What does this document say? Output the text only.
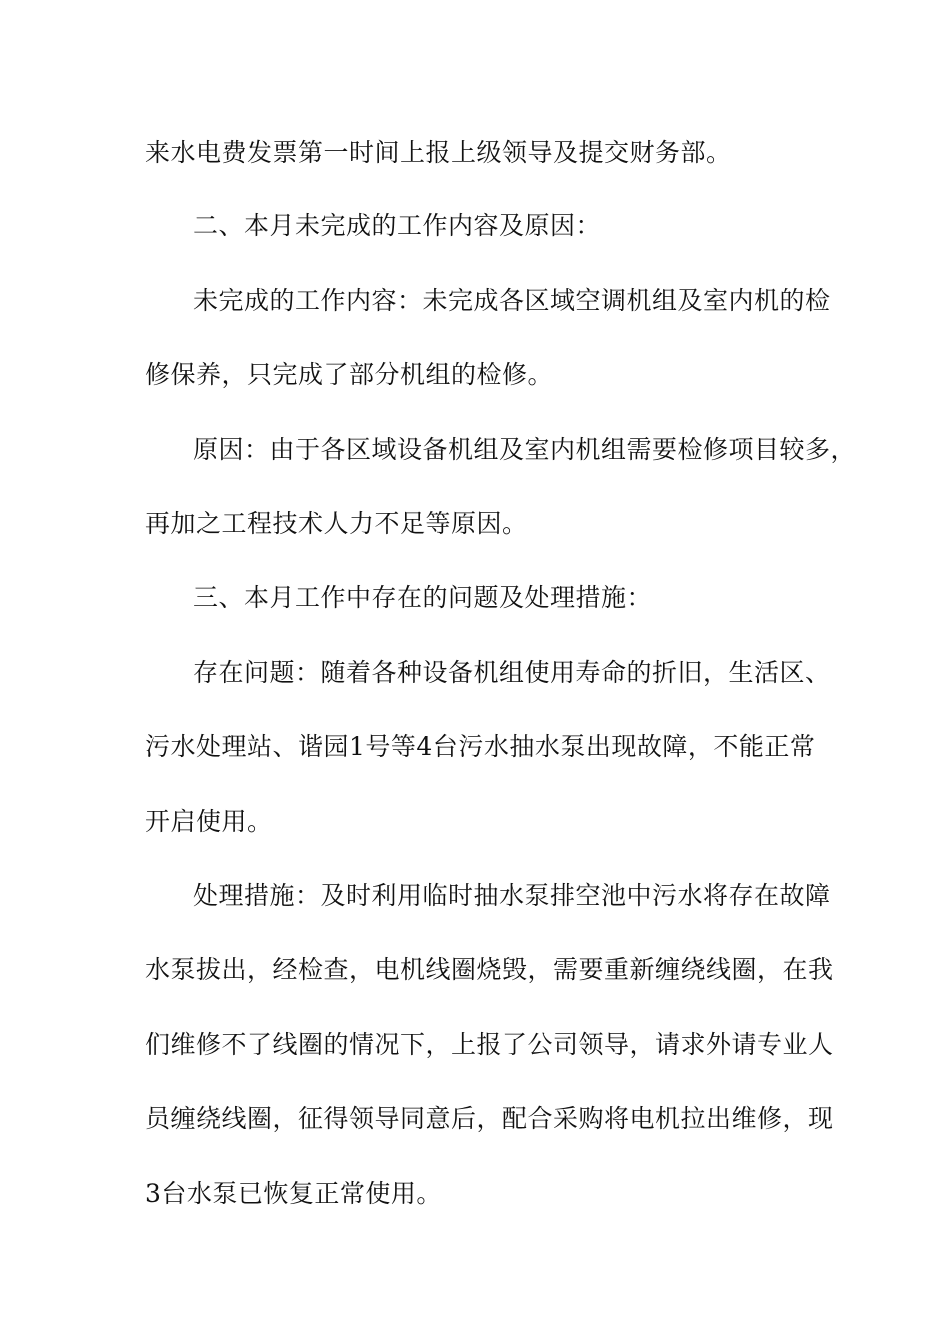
来水电费发票第一时间上报上级领导及提交财务部。

二、本月未完成的工作内容及原因：

未完成的工作内容：未完成各区域空调机组及室内机的检

修保养，只完成了部分机组的检修。

原因：由于各区域设备机组及室内机组需要检修项目较多，

再加之工程技术人力不足等原因。

三、本月工作中存在的问题及处理措施：

存在问题：随着各种设备机组使用寿命的折旧，生活区、

污水处理站、谐园1号等4台污水抽水泵出现故障，不能正常

开启使用。

处理措施：及时利用临时抽水泵排空池中污水将存在故障

水泵拔出，经检查，电机线圈烧毁，需要重新缠绕线圈，在我

们维修不了线圈的情况下，上报了公司领导，请求外请专业人

员缠绕线圈，征得领导同意后，配合采购将电机拉出维修，现

3台水泵已恢复正常使用。
